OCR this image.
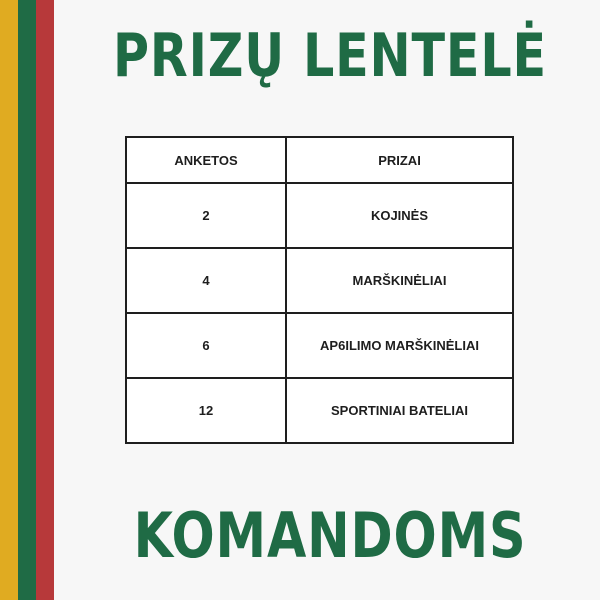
PRIZŲ LENTELĖ
ANKETOS	PRIZAI
2	KOJINĖS
4	MARŠKINĖLIAI
6	AP6ILIMO MARŠKINĖLIAI
12	SPORTINIAI BATELIAI
KOMANDOMS
